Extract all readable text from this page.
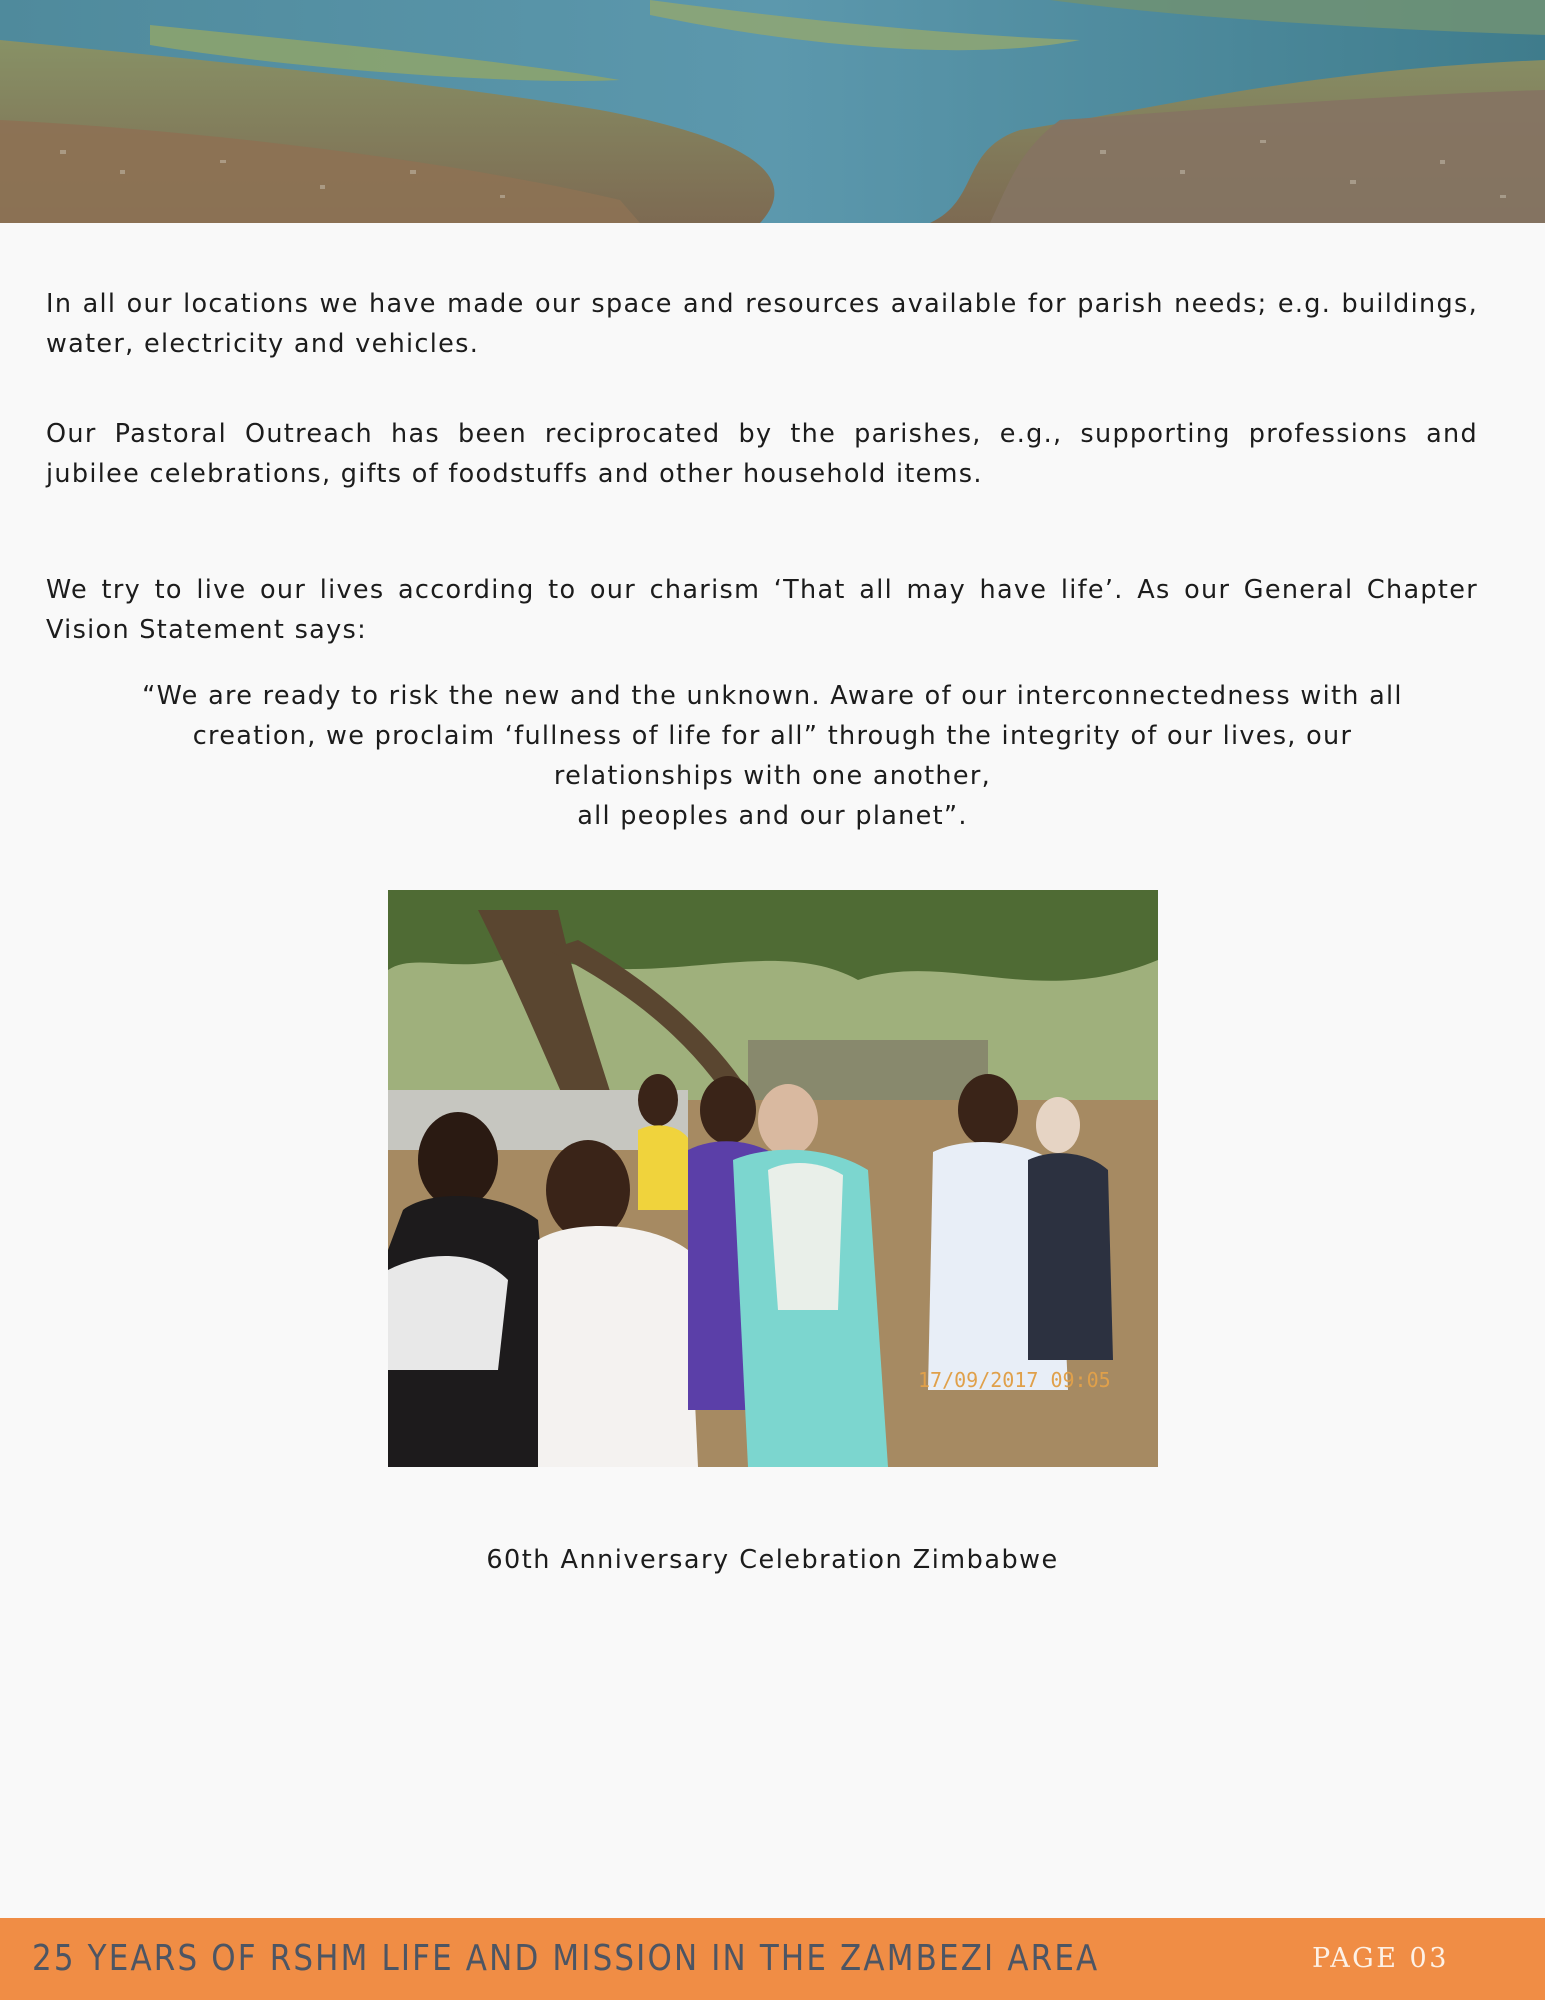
In all our locations we have made our space and resources available for parish needs; e.g. buildings, water, electricity and vehicles.

Our Pastoral Outreach has been reciprocated by the parishes, e.g., supporting professions and jubilee celebrations, gifts of foodstuffs and other household items.

We try to live our lives according to our charism ‘That all may have life’. As our General Chapter Vision Statement says:

“We are ready to risk the new and the unknown. Aware of our interconnectedness with all
creation, we proclaim ‘fullness of life for all” through the integrity of our lives, our
relationships with one another,
all peoples and our planet”.
17/09/2017 09:05

60th Anniversary Celebration Zimbabwe

25 YEARS OF RSHM LIFE AND MISSION IN THE ZAMBEZI AREA	PAGE 03
